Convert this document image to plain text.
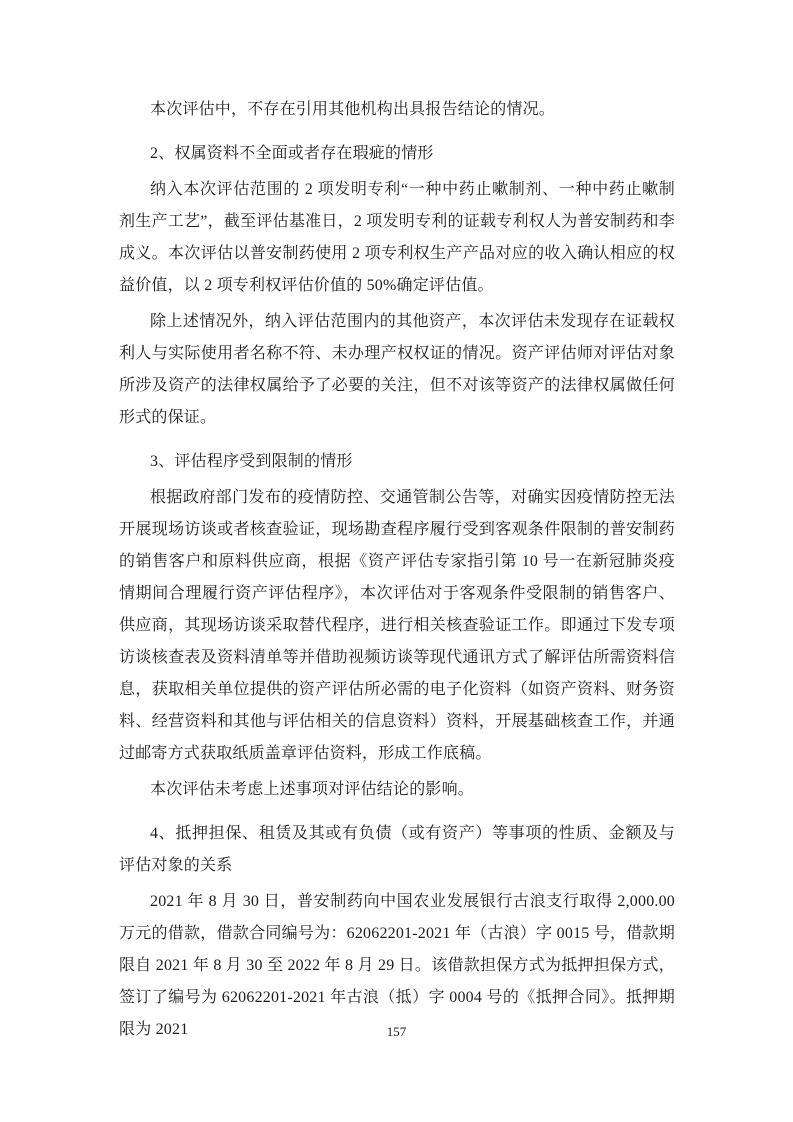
本次评估中，不存在引用其他机构出具报告结论的情况。

2、权属资料不全面或者存在瑕疵的情形

纳入本次评估范围的 2 项发明专利“一种中药止嗽制剂、一种中药止嗽制剂生产工艺”，截至评估基准日，2 项发明专利的证载专利权人为普安制药和李成义。本次评估以普安制药使用 2 项专利权生产产品对应的收入确认相应的权益价值，以 2 项专利权评估价值的 50%确定评估值。

除上述情况外，纳入评估范围内的其他资产，本次评估未发现存在证载权利人与实际使用者名称不符、未办理产权权证的情况。资产评估师对评估对象所涉及资产的法律权属给予了必要的关注，但不对该等资产的法律权属做任何形式的保证。

3、评估程序受到限制的情形

根据政府部门发布的疫情防控、交通管制公告等，对确实因疫情防控无法开展现场访谈或者核查验证，现场勘查程序履行受到客观条件限制的普安制药的销售客户和原料供应商，根据《资产评估专家指引第 10 号一在新冠肺炎疫情期间合理履行资产评估程序》，本次评估对于客观条件受限制的销售客户、供应商，其现场访谈采取替代程序，进行相关核查验证工作。即通过下发专项访谈核查表及资料清单等并借助视频访谈等现代通讯方式了解评估所需资料信息，获取相关单位提供的资产评估所必需的电子化资料（如资产资料、财务资料、经营资料和其他与评估相关的信息资料）资料，开展基础核查工作，并通过邮寄方式获取纸质盖章评估资料，形成工作底稿。

本次评估未考虑上述事项对评估结论的影响。

4、抵押担保、租赁及其或有负债（或有资产）等事项的性质、金额及与评估对象的关系

2021 年 8 月 30 日，普安制药向中国农业发展银行古浪支行取得 2,000.00 万元的借款，借款合同编号为：62062201-2021 年（古浪）字 0015 号，借款期限自 2021 年 8 月 30 至 2022 年 8 月 29 日。该借款担保方式为抵押担保方式，签订了编号为 62062201-2021 年古浪（抵）字 0004 号的《抵押合同》。抵押期限为 2021	157
